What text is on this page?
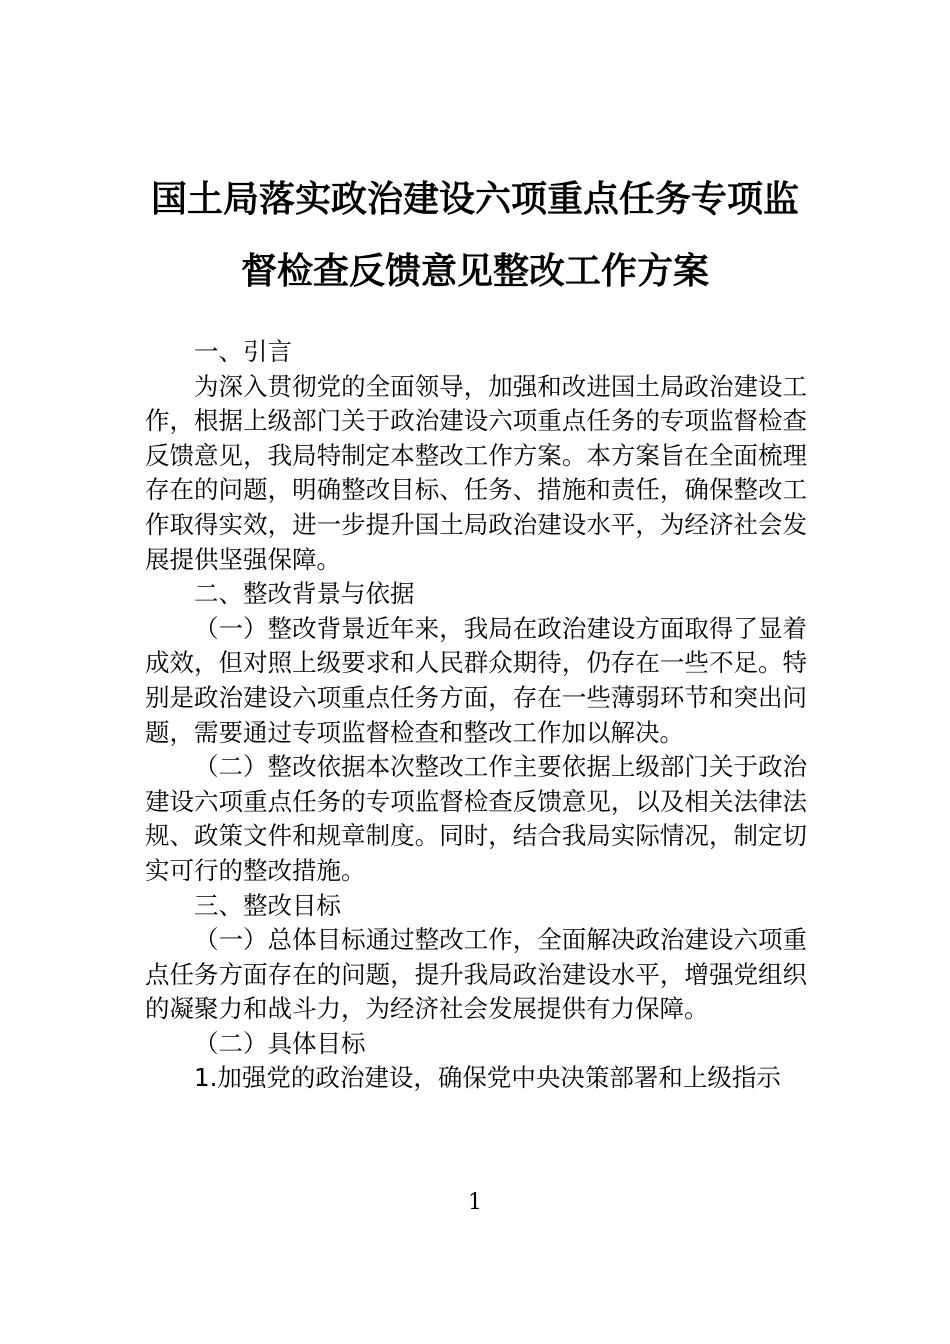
国土局落实政治建设六项重点任务专项监
督检查反馈意见整改工作方案

一、引言

为深入贯彻党的全面领导，加强和改进国土局政治建设工作，根据上级部门关于政治建设六项重点任务的专项监督检查反馈意见，我局特制定本整改工作方案。本方案旨在全面梳理存在的问题，明确整改目标、任务、措施和责任，确保整改工作取得实效，进一步提升国土局政治建设水平，为经济社会发展提供坚强保障。

二、整改背景与依据

（一）整改背景近年来，我局在政治建设方面取得了显着成效，但对照上级要求和人民群众期待，仍存在一些不足。特别是政治建设六项重点任务方面，存在一些薄弱环节和突出问题，需要通过专项监督检查和整改工作加以解决。

（二）整改依据本次整改工作主要依据上级部门关于政治建设六项重点任务的专项监督检查反馈意见，以及相关法律法规、政策文件和规章制度。同时，结合我局实际情况，制定切实可行的整改措施。

三、整改目标

（一）总体目标通过整改工作，全面解决政治建设六项重点任务方面存在的问题，提升我局政治建设水平，增强党组织的凝聚力和战斗力，为经济社会发展提供有力保障。

（二）具体目标

1.加强党的政治建设，确保党中央决策部署和上级指示

1
